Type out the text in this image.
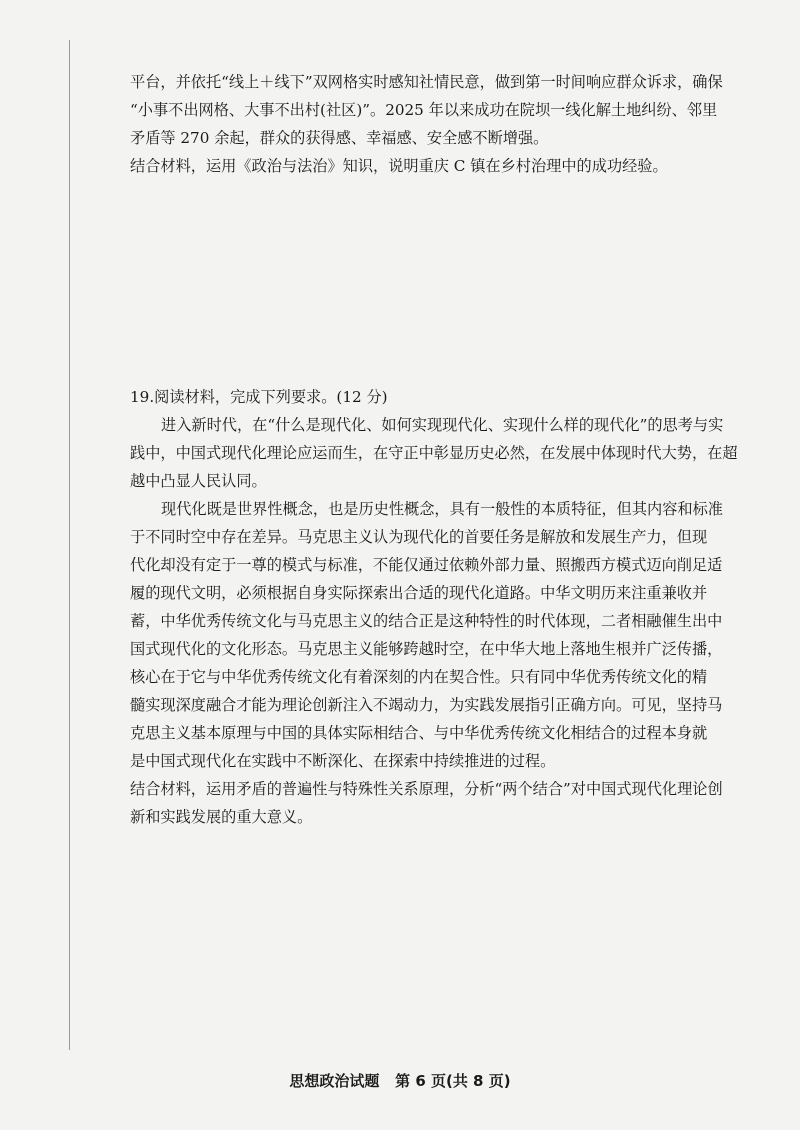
平台，并依托“线上＋线下”双网格实时感知社情民意，做到第一时间响应群众诉求，确保
“小事不出网格、大事不出村(社区)”。2025 年以来成功在院坝一线化解土地纠纷、邻里
矛盾等 270 余起，群众的获得感、幸福感、安全感不断增强。
结合材料，运用《政治与法治》知识，说明重庆 C 镇在乡村治理中的成功经验。
19.阅读材料，完成下列要求。(12 分)
进入新时代，在“什么是现代化、如何实现现代化、实现什么样的现代化”的思考与实
践中，中国式现代化理论应运而生，在守正中彰显历史必然，在发展中体现时代大势，在超
越中凸显人民认同。
现代化既是世界性概念，也是历史性概念，具有一般性的本质特征，但其内容和标准
于不同时空中存在差异。马克思主义认为现代化的首要任务是解放和发展生产力，但现
代化却没有定于一尊的模式与标准，不能仅通过依赖外部力量、照搬西方模式迈向削足适
履的现代文明，必须根据自身实际探索出合适的现代化道路。中华文明历来注重兼收并
蓄，中华优秀传统文化与马克思主义的结合正是这种特性的时代体现，二者相融催生出中
国式现代化的文化形态。马克思主义能够跨越时空，在中华大地上落地生根并广泛传播，
核心在于它与中华优秀传统文化有着深刻的内在契合性。只有同中华优秀传统文化的精
髓实现深度融合才能为理论创新注入不竭动力，为实践发展指引正确方向。可见，坚持马
克思主义基本原理与中国的具体实际相结合、与中华优秀传统文化相结合的过程本身就
是中国式现代化在实践中不断深化、在探索中持续推进的过程。
结合材料，运用矛盾的普遍性与特殊性关系原理，分析“两个结合”对中国式现代化理论创
新和实践发展的重大意义。
思想政治试题 第 6 页(共 8 页)
